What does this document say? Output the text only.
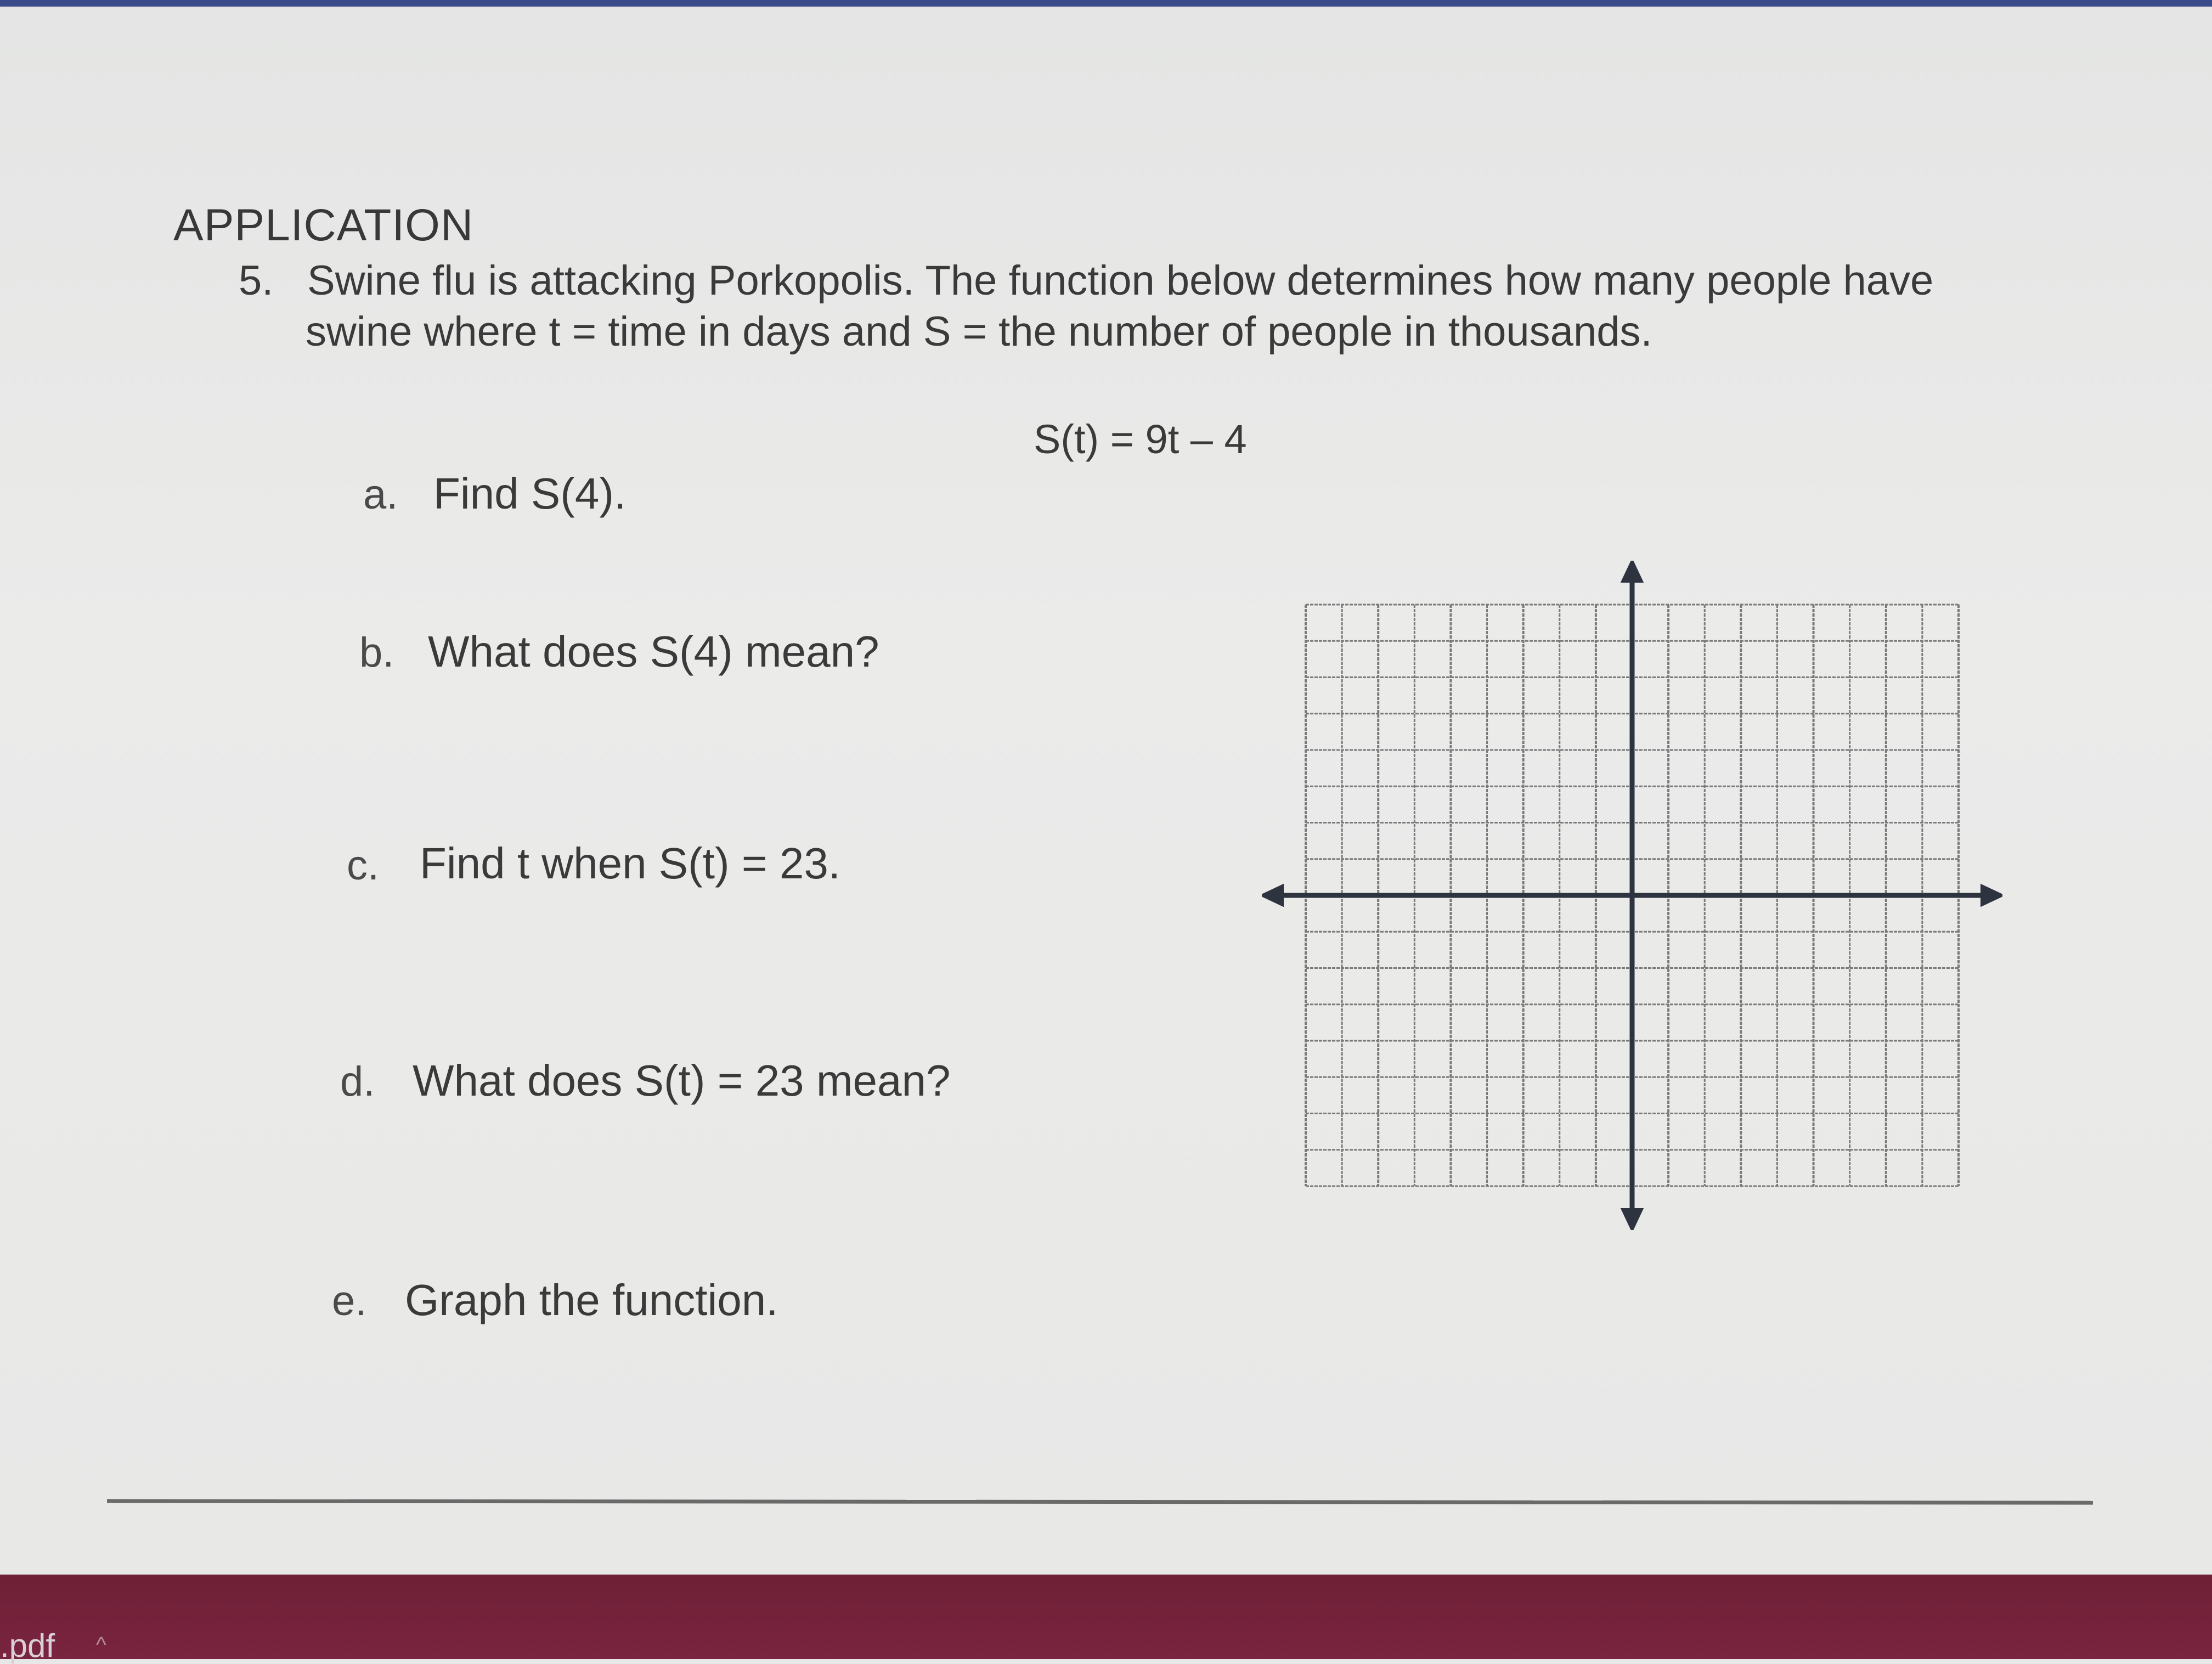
APPLICATION
5. Swine flu is attacking Porkopolis. The function below determines how many people have
swine where t = time in days and S = the number of people in thousands.
S(t) = 9t – 4
a. Find S(4).
b. What does S(4) mean?
c. Find t when S(t) = 23.
d. What does S(t) = 23 mean?
e. Graph the function.
.pdf ^
